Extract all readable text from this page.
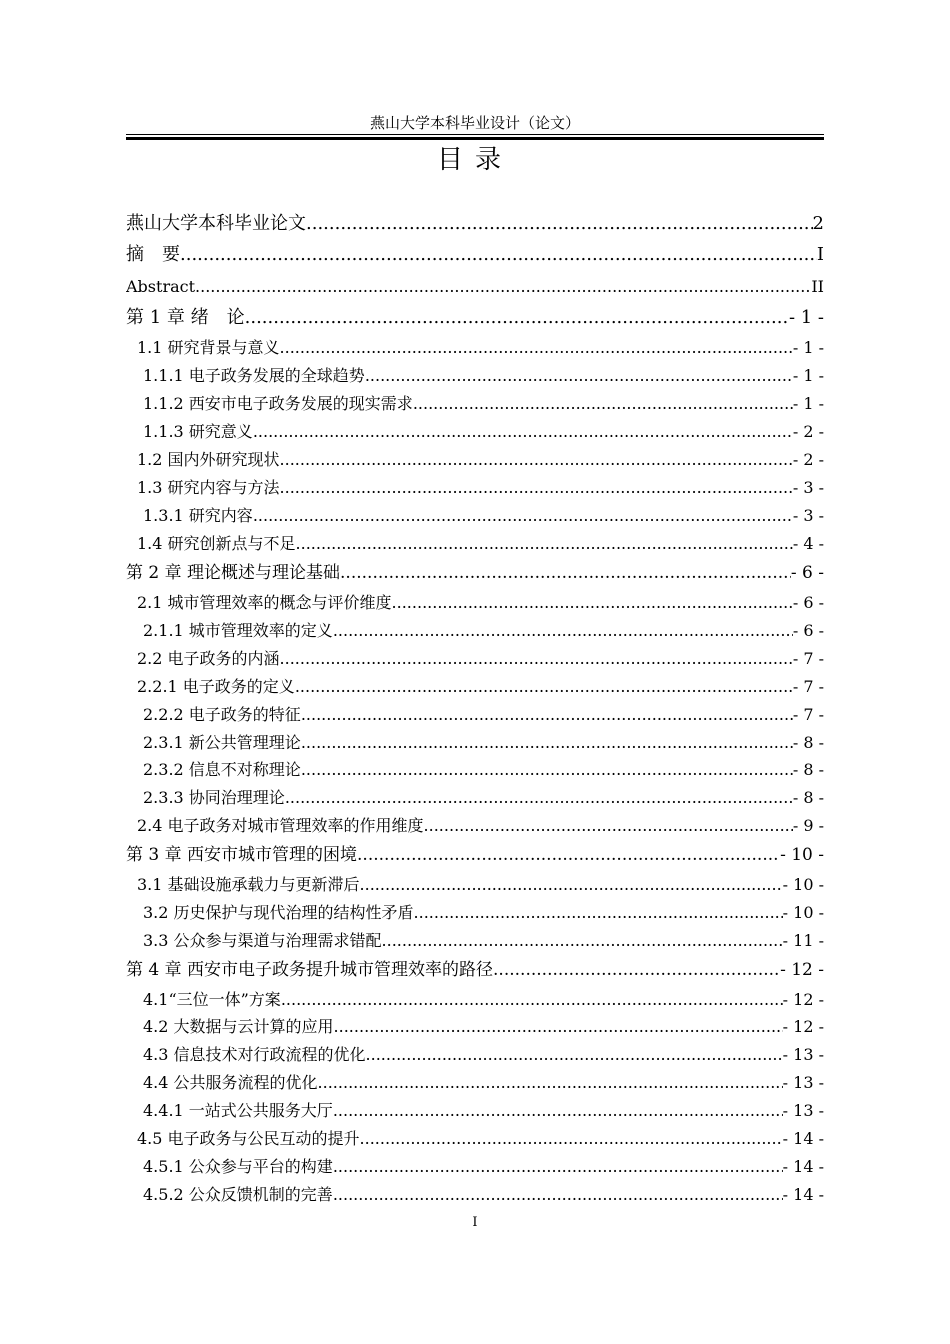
燕山大学本科毕业设计（论文）
目录
燕山大学本科毕业论文 .....	2
摘　要 .....	I
Abstract .....	II
第 1 章 绪　论 .....	- 1 -
1.1 研究背景与意义 .....	- 1 -
1.1.1 电子政务发展的全球趋势 .....	- 1 -
1.1.2 西安市电子政务发展的现实需求 .....	- 1 -
1.1.3 研究意义 .....	- 2 -
1.2 国内外研究现状 .....	- 2 -
1.3 研究内容与方法 .....	- 3 -
1.3.1 研究内容 .....	- 3 -
1.4 研究创新点与不足 .....	- 4 -
第 2 章 理论概述与理论基础 .....	- 6 -
2.1 城市管理效率的概念与评价维度 .....	- 6 -
2.1.1 城市管理效率的定义 .....	- 6 -
2.2 电子政务的内涵 .....	- 7 -
2.2.1 电子政务的定义 .....	- 7 -
2.2.2 电子政务的特征 .....	- 7 -
2.3.1 新公共管理理论 .....	- 8 -
2.3.2 信息不对称理论 .....	- 8 -
2.3.3 协同治理理论 .....	- 8 -
2.4 电子政务对城市管理效率的作用维度 .....	- 9 -
第 3 章 西安市城市管理的困境 .....	- 10 -
3.1 基础设施承载力与更新滞后 .....	- 10 -
3.2 历史保护与现代治理的结构性矛盾 .....	- 10 -
3.3 公众参与渠道与治理需求错配 .....	- 11 -
第 4 章 西安市电子政务提升城市管理效率的路径 .....	- 12 -
4.1“三位一体”方案 .....	- 12 -
4.2 大数据与云计算的应用 .....	- 12 -
4.3 信息技术对行政流程的优化 .....	- 13 -
4.4 公共服务流程的优化 .....	- 13 -
4.4.1 一站式公共服务大厅 .....	- 13 -
4.5 电子政务与公民互动的提升 .....	- 14 -
4.5.1 公众参与平台的构建 .....	- 14 -
4.5.2 公众反馈机制的完善 .....	- 14 -
I
